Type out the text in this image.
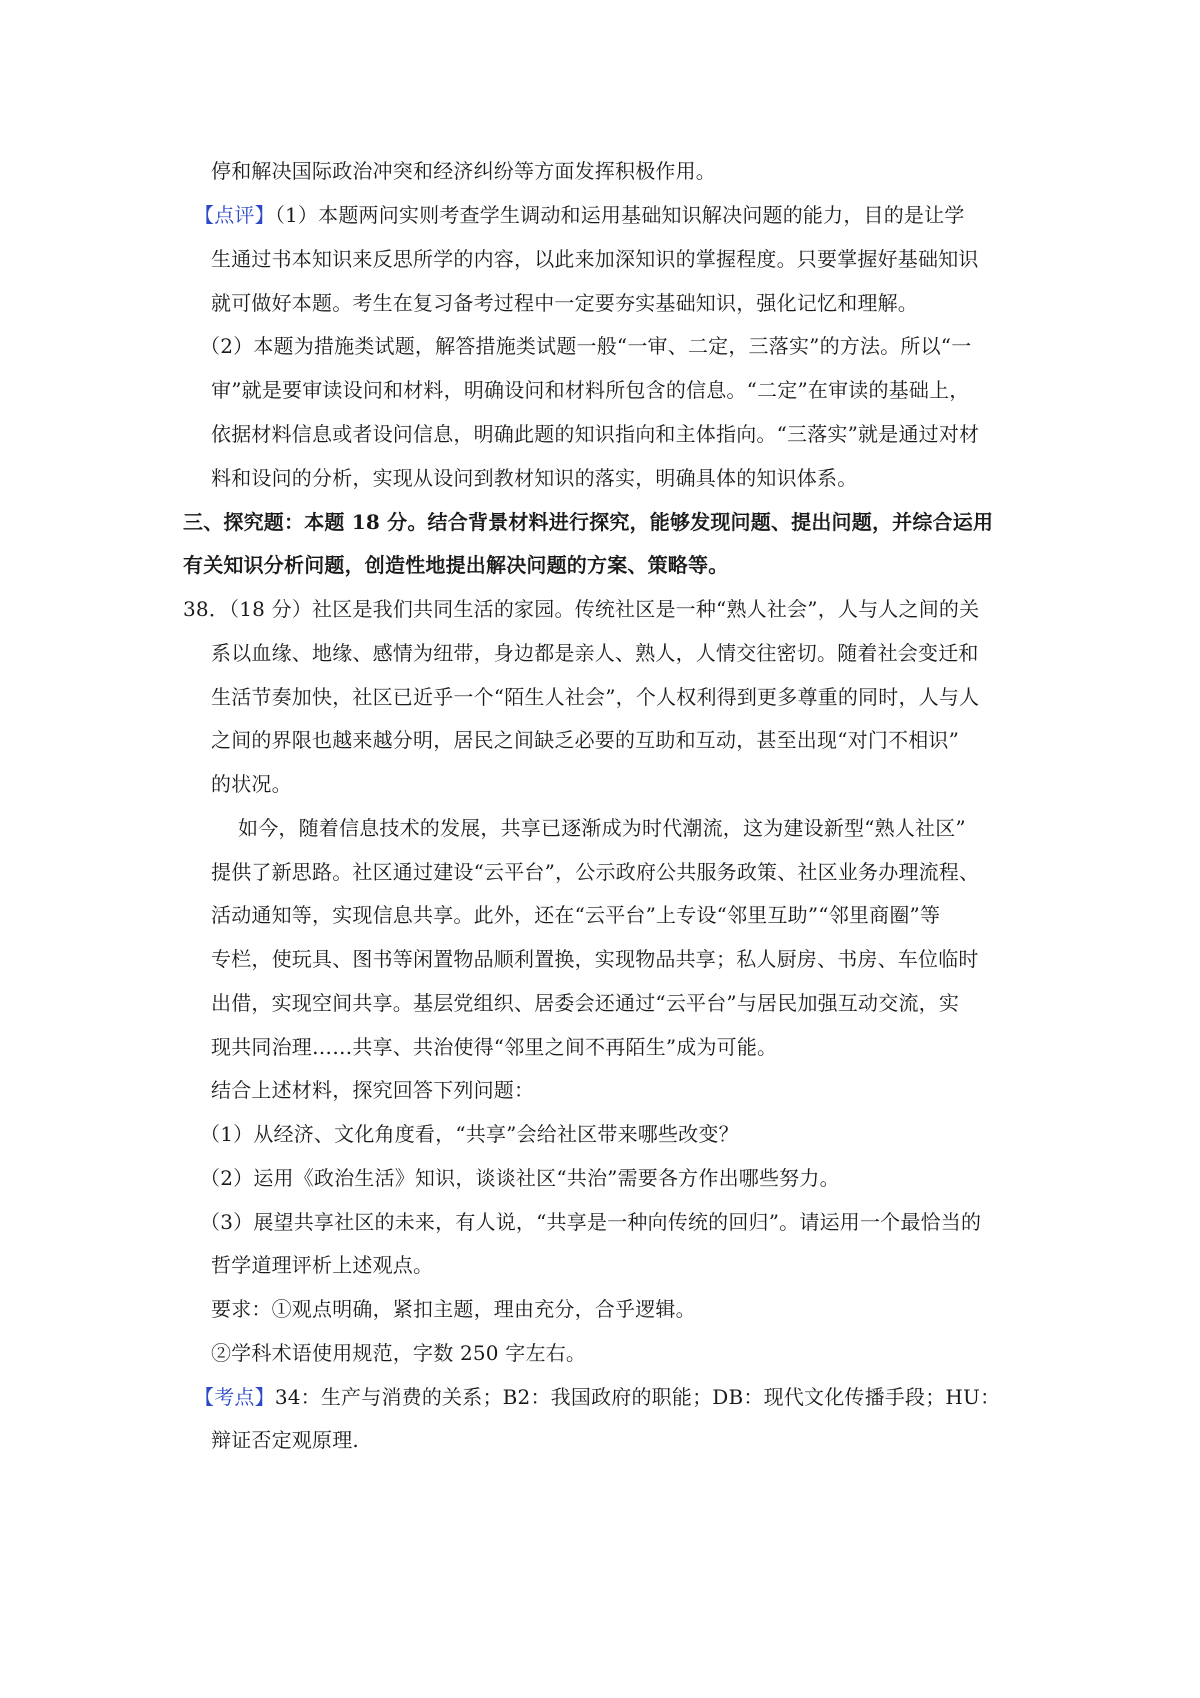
停和解决国际政治冲突和经济纠纷等方面发挥积极作用。
【点评】（1）本题两问实则考查学生调动和运用基础知识解决问题的能力，目的是让学
生通过书本知识来反思所学的内容，以此来加深知识的掌握程度。只要掌握好基础知识
就可做好本题。考生在复习备考过程中一定要夯实基础知识，强化记忆和理解。
（2）本题为措施类试题，解答措施类试题一般“一审、二定，三落实”的方法。所以“一
审”就是要审读设问和材料，明确设问和材料所包含的信息。“二定”在审读的基础上，
依据材料信息或者设问信息，明确此题的知识指向和主体指向。“三落实”就是通过对材
料和设问的分析，实现从设问到教材知识的落实，明确具体的知识体系。
三、探究题：本题 18 分。结合背景材料进行探究，能够发现问题、提出问题，并综合运用
有关知识分析问题，创造性地提出解决问题的方案、策略等。
38．（18 分）社区是我们共同生活的家园。传统社区是一种“熟人社会”，人与人之间的关
系以血缘、地缘、感情为纽带，身边都是亲人、熟人，人情交往密切。随着社会变迁和
生活节奏加快，社区已近乎一个“陌生人社会”，个人权利得到更多尊重的同时，人与人
之间的界限也越来越分明，居民之间缺乏必要的互助和互动，甚至出现“对门不相识”
的状况。
如今，随着信息技术的发展，共享已逐渐成为时代潮流，这为建设新型“熟人社区”
提供了新思路。社区通过建设“云平台”，公示政府公共服务政策、社区业务办理流程、
活动通知等，实现信息共享。此外，还在“云平台”上专设“邻里互助”“邻里商圈”等
专栏，使玩具、图书等闲置物品顺利置换，实现物品共享；私人厨房、书房、车位临时
出借，实现空间共享。基层党组织、居委会还通过“云平台”与居民加强互动交流，实
现共同治理……共享、共治使得“邻里之间不再陌生”成为可能。
结合上述材料，探究回答下列问题：
（1）从经济、文化角度看，“共享”会给社区带来哪些改变？
（2）运用《政治生活》知识，谈谈社区“共治”需要各方作出哪些努力。
（3）展望共享社区的未来，有人说，“共享是一种向传统的回归”。请运用一个最恰当的
哲学道理评析上述观点。
要求：①观点明确，紧扣主题，理由充分，合乎逻辑。
②学科术语使用规范，字数 250 字左右。
【考点】34：生产与消费的关系；B2：我国政府的职能；DB：现代文化传播手段；HU：
辩证否定观原理.
